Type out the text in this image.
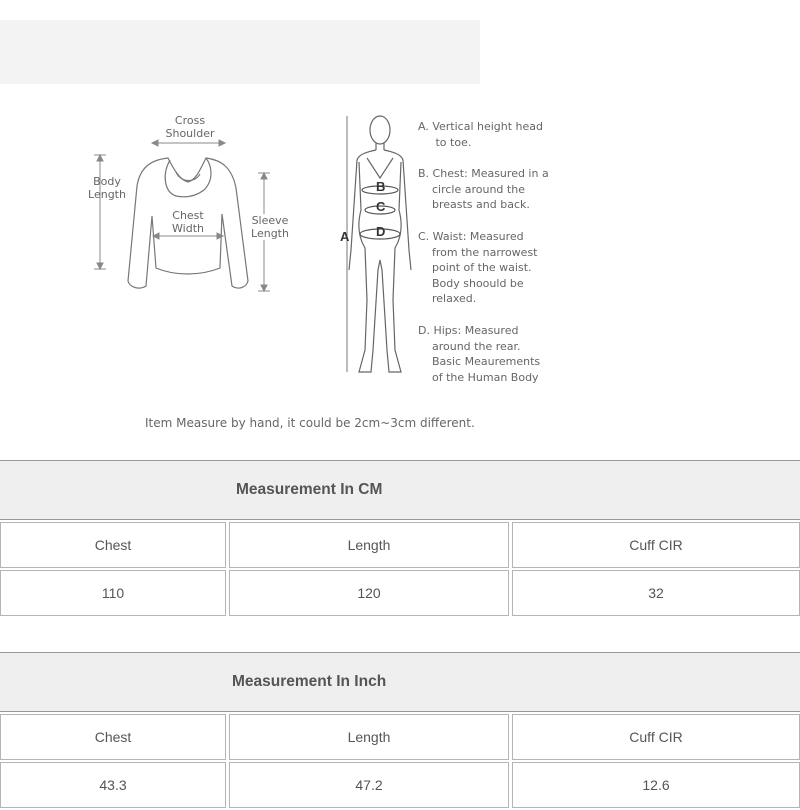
Cross
Shoulder
Body
Length
Chest
Width
Sleeve
Length	A
B
C
D
A. Vertical height head
to toe.
B. Chest: Measured in a
circle around the
breasts and back.
C. Waist: Measured
from the narrowest
point of the waist.
Body shoould be
relaxed.
D. Hips: Measured
around the rear.
Basic Meaurements
of the Human Body
Item Measure by hand, it could be 2cm~3cm different.
Measurement In CM
Chest	Length	Cuff CIR
110	120	32
Measurement In Inch
Chest	Length	Cuff CIR
43.3	47.2	12.6
